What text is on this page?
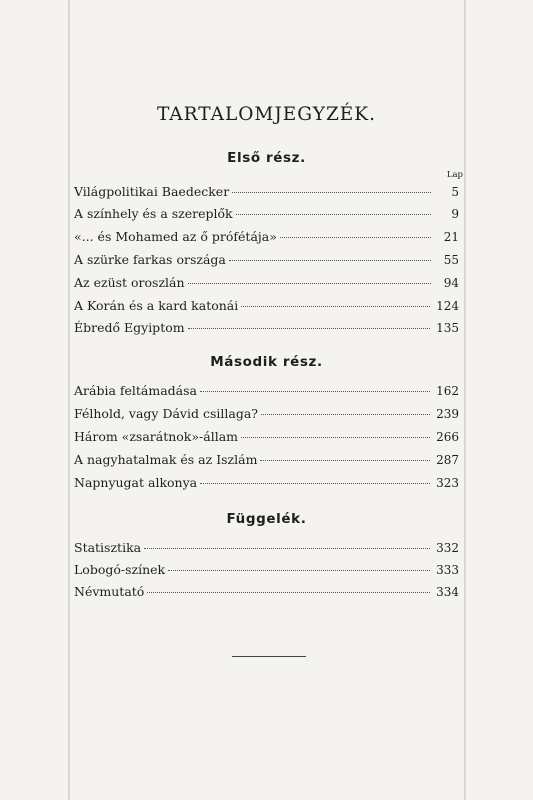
TARTALOMJEGYZÉK.
Első rész.
Lap
Második rész.
Függelék.
Világpolitikai Baedecker	5
A színhely és a szereplők	9
«... és Mohamed az ő prófétája»	21
A szürke farkas országa	55
Az ezüst oroszlán	94
A Korán és a kard katonái	124
Ébredő Egyiptom	135
Arábia feltámadása	162
Félhold, vagy Dávid csillaga?	239
Három «zsarátnok»-állam	266
A nagyhatalmak és az Iszlám	287
Napnyugat alkonya	323
Statisztika	332
Lobogó-színek	333
Névmutató	334
